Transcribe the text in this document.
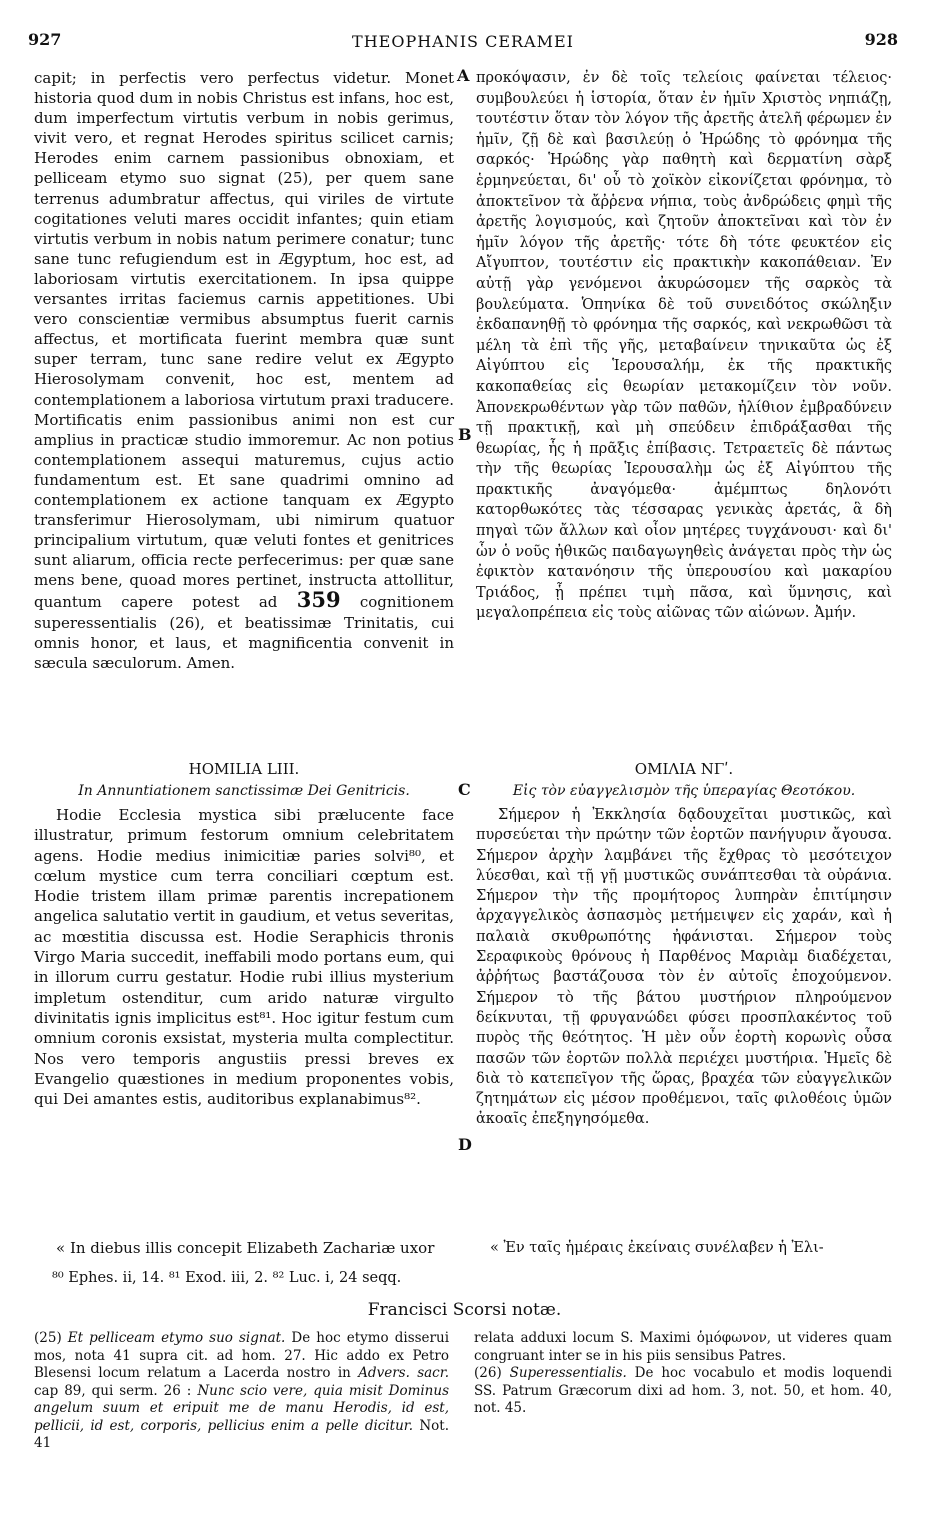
927	THEOPHANIS CERAMEI	928
capit; in perfectis vero perfectus videtur. Monet historia quod dum in nobis Christus est infans, hoc est, dum imperfectum virtutis verbum in nobis gerimus, vivit vero, et regnat Herodes spiritus scilicet carnis; Herodes enim carnem passionibus obnoxiam, et pelliceam etymo suo signat (25), per quem sane terrenus adumbratur affectus, qui viriles de virtute cogitationes veluti mares occidit infantes; quin etiam virtutis verbum in nobis natum perimere conatur; tunc sane tunc refugiendum est in Ægyptum, hoc est, ad laboriosam virtutis exercitationem. In ipsa quippe versantes irritas faciemus carnis appetitiones. Ubi vero conscientiæ vermibus absumptus fuerit carnis affectus, et mortificata fuerint membra quæ sunt super terram, tunc sane redire velut ex Ægypto Hierosolymam convenit, hoc est, mentem ad contemplationem a laboriosa virtutum praxi traducere. Mortificatis enim passionibus animi non est cur amplius in practicæ studio immoremur. Ac non potius contemplationem assequi maturemus, cujus actio fundamentum est. Et sane quadrimi omnino ad contemplationem ex actione tanquam ex Ægypto transferimur Hierosolymam, ubi nimirum quatuor principalium virtutum, quæ veluti fontes et genitrices sunt aliarum, officia recte perfecerimus: per quæ sane mens bene, quoad mores pertinet, instructa attollitur, quantum capere potest ad 359 cognitionem superessentialis (26), et beatissimæ Trinitatis, cui omnis honor, et laus, et magnificentia convenit in sæcula sæculorum. Amen.
A
B
C
D
προκόψασιν, ἐν δὲ τοῖς τελείοις φαίνεται τέλειος· συμβουλεύει ἡ ἱστορία, ὅταν ἐν ἡμῖν Χριστὸς νηπιάζῃ, τουτέστιν ὅταν τὸν λόγον τῆς ἀρετῆς ἀτελῆ φέρωμεν ἐν ἡμῖν, ζῇ δὲ καὶ βασιλεύῃ ὁ Ἡρώδης τὸ φρόνημα τῆς σαρκός· Ἡρώδης γὰρ παθητὴ καὶ δερματίνη σὰρξ ἑρμηνεύεται, δι' οὗ τὸ χοϊκὸν εἰκονίζεται φρόνημα, τὸ ἀποκτεῖνον τὰ ἄῤῥενα νήπια, τοὺς ἀνδρώδεις φημὶ τῆς ἀρετῆς λογισμούς, καὶ ζητοῦν ἀποκτεῖναι καὶ τὸν ἐν ἡμῖν λόγον τῆς ἀρετῆς· τότε δὴ τότε φευκτέον εἰς Αἴγυπτον, τουτέστιν εἰς πρακτικὴν κακοπάθειαν. Ἐν αὐτῇ γὰρ γενόμενοι ἀκυρώσομεν τῆς σαρκὸς τὰ βουλεύματα. Ὁπηνίκα δὲ τοῦ συνειδότος σκώληξιν ἐκδαπανηθῇ τὸ φρόνημα τῆς σαρκός, καὶ νεκρωθῶσι τὰ μέλη τὰ ἐπὶ τῆς γῆς, μεταβαίνειν τηνικαῦτα ὡς ἐξ Αἰγύπτου εἰς Ἱερουσαλήμ, ἐκ τῆς πρακτικῆς κακοπαθείας εἰς θεωρίαν μετακομίζειν τὸν νοῦν. Ἀπονεκρωθέντων γὰρ τῶν παθῶν, ἠλίθιον ἐμβραδύνειν τῇ πρακτικῇ, καὶ μὴ σπεύδειν ἐπιδράξασθαι τῆς θεωρίας, ἧς ἡ πρᾶξις ἐπίβασις. Τετραετεῖς δὲ πάντως τὴν τῆς θεωρίας Ἱερουσαλὴμ ὡς ἐξ Αἰγύπτου τῆς πρακτικῆς ἀναγόμεθα· ἀμέμπτως δηλονότι κατορθωκότες τὰς τέσσαρας γενικὰς ἀρετάς, ἃ δὴ πηγαὶ τῶν ἄλλων καὶ οἷον μητέρες τυγχάνουσι· καὶ δι' ὧν ὁ νοῦς ἠθικῶς παιδαγωγηθεὶς ἀνάγεται πρὸς τὴν ὡς ἐφικτὸν κατανόησιν τῆς ὑπερουσίου καὶ μακαρίου Τριάδος, ᾗ πρέπει τιμὴ πᾶσα, καὶ ὕμνησις, καὶ μεγαλοπρέπεια εἰς τοὺς αἰῶνας τῶν αἰώνων. Ἀμήν.
HOMILIA LIII.
In Annuntiationem sanctissimæ Dei Genitricis.
ΟΜΙΛΙΑ ΝΓʹ.
Εἰς τὸν εὐαγγελισμὸν τῆς ὑπεραγίας Θεοτόκου.
Hodie Ecclesia mystica sibi prælucente face illustratur, primum festorum omnium celebritatem agens. Hodie medius inimicitiæ paries solvi⁸⁰, et cœlum mystice cum terra conciliari cœptum est. Hodie tristem illam primæ parentis increpationem angelica salutatio vertit in gaudium, et vetus severitas, ac mœstitia discussa est. Hodie Seraphicis thronis Virgo Maria succedit, ineffabili modo portans eum, qui in illorum curru gestatur. Hodie rubi illius mysterium impletum ostenditur, cum arido naturæ virgulto divinitatis ignis implicitus est⁸¹. Hoc igitur festum cum omnium coronis exsistat, mysteria multa complectitur. Nos vero temporis angustiis pressi breves ex Evangelio quæstiones in medium proponentes vobis, qui Dei amantes estis, auditoribus explanabimus⁸².
Σήμερον ἡ Ἐκκλησία δᾳδουχεῖται μυστικῶς, καὶ πυρσεύεται τὴν πρώτην τῶν ἑορτῶν πανήγυριν ἄγουσα. Σήμερον ἀρχὴν λαμβάνει τῆς ἔχθρας τὸ μεσότειχον λύεσθαι, καὶ τῇ γῇ μυστικῶς συνάπτεσθαι τὰ οὐράνια. Σήμερον τὴν τῆς προμήτορος λυπηρὰν ἐπιτίμησιν ἀρχαγγελικὸς ἀσπασμὸς μετήμειψεν εἰς χαράν, καὶ ἡ παλαιὰ σκυθρωπότης ἠφάνισται. Σήμερον τοὺς Σεραφικοὺς θρόνους ἡ Παρθένος Μαριὰμ διαδέχεται, ἀῤῥήτως βαστάζουσα τὸν ἐν αὐτοῖς ἐποχούμενον. Σήμερον τὸ τῆς βάτου μυστήριον πληρούμενον δείκνυται, τῇ φρυγανώδει φύσει προσπλακέντος τοῦ πυρὸς τῆς θεότητος. Ἡ μὲν οὖν ἑορτὴ κορωνὶς οὖσα πασῶν τῶν ἑορτῶν πολλὰ περιέχει μυστήρια. Ἡμεῖς δὲ διὰ τὸ κατεπεῖγον τῆς ὥρας, βραχέα τῶν εὐαγγελικῶν ζητημάτων εἰς μέσον προθέμενοι, ταῖς φιλοθέοις ὑμῶν ἀκοαῖς ἐπεξηγησόμεθα.
« In diebus illis concepit Elizabeth Zachariæ uxor	« Ἐν ταῖς ἡμέραις ἐκείναις συνέλαβεν ἡ Ἐλι-
⁸⁰ Ephes. ii, 14. ⁸¹ Exod. iii, 2. ⁸² Luc. i, 24 seqq.
Francisci Scorsi notæ.
(25) Et pelliceam etymo suo signat. De hoc etymo disserui mos, nota 41 supra cit. ad hom. 27. Hic addo ex Petro Blesensi locum relatum a Lacerda nostro in Advers. sacr. cap 89, qui serm. 26 : Nunc scio vere, quia misit Dominus angelum suum et eripuit me de manu Herodis, id est, pellicii, id est, corporis, pellicius enim a pelle dicitur. Not. 41
relata adduxi locum S. Maximi ὁμόφωνον, ut videres quam congruant inter se in his piis sensibus Patres.
(26) Superessentialis. De hoc vocabulo et modis loquendi SS. Patrum Græcorum dixi ad hom. 3, not. 50, et hom. 40, not. 45.
